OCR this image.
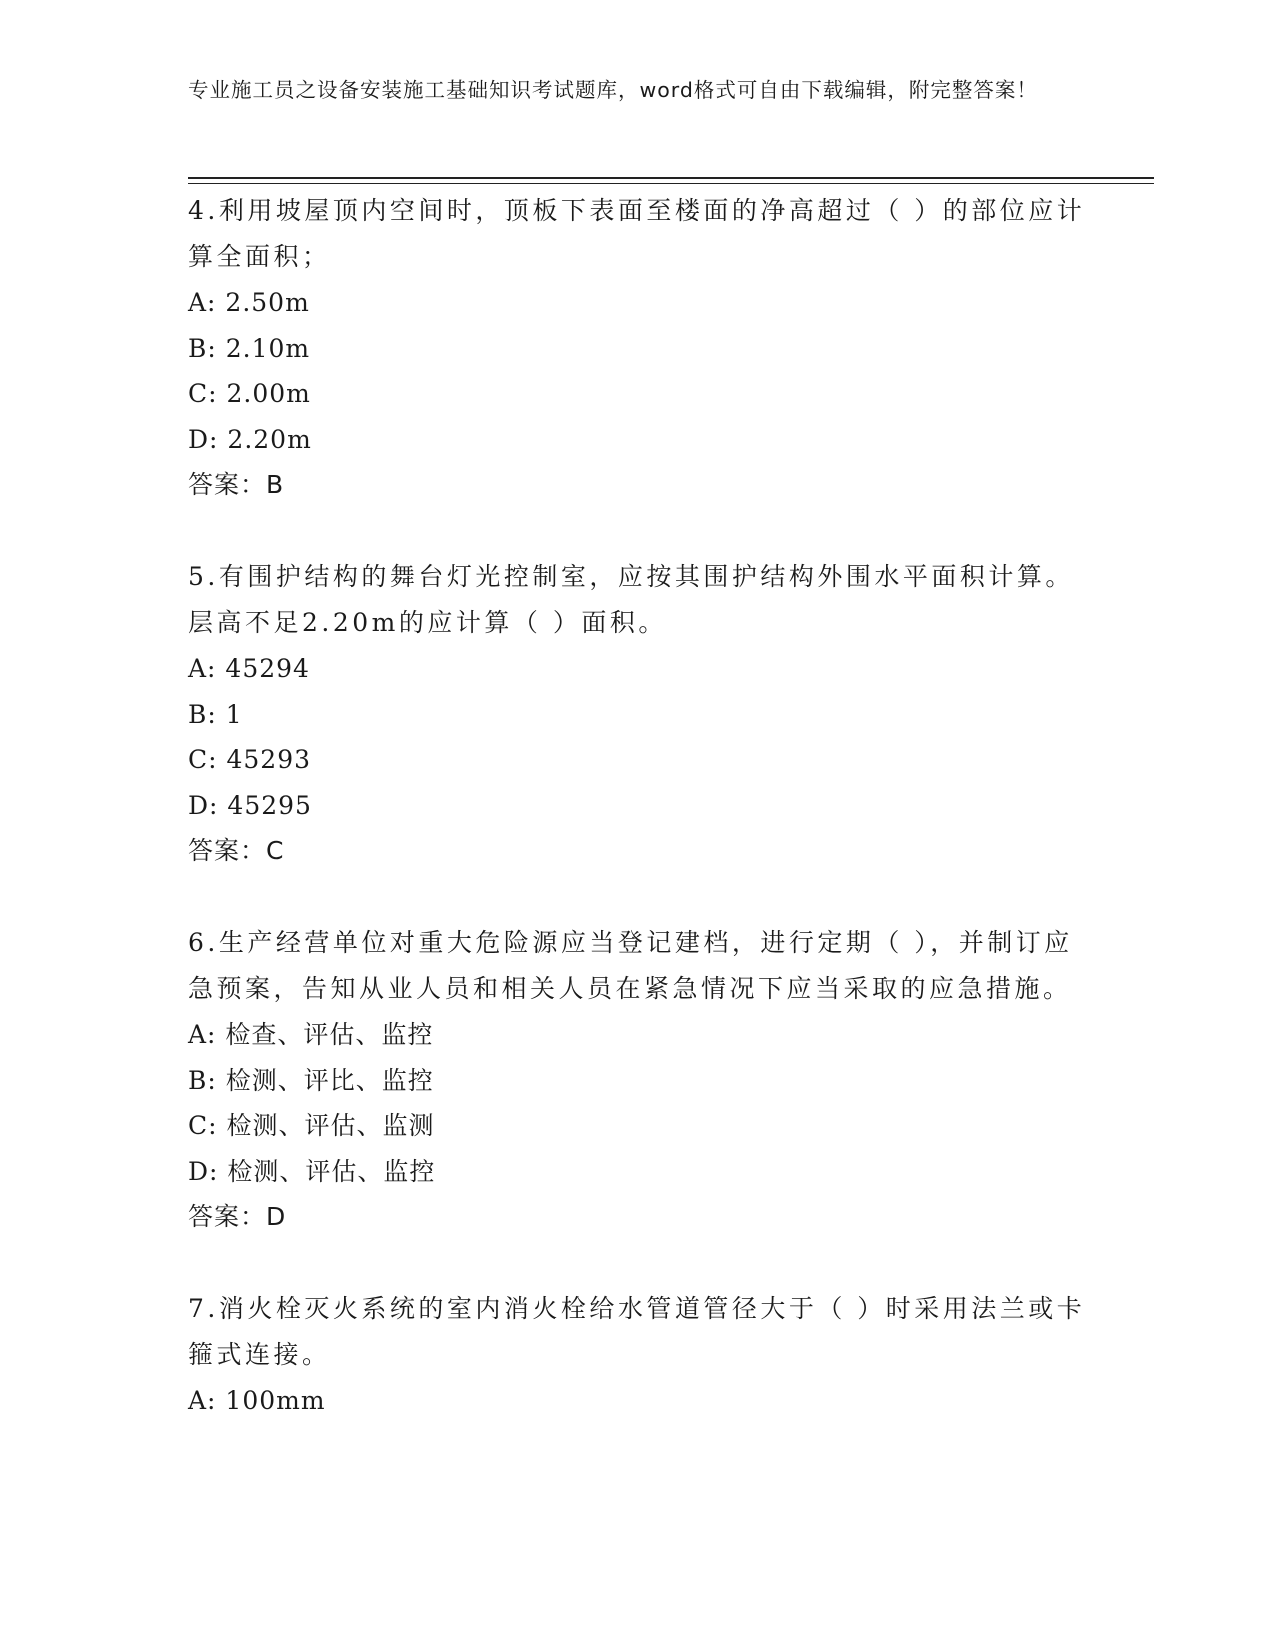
专业施工员之设备安装施工基础知识考试题库，word格式可自由下载编辑，附完整答案！

4.利用坡屋顶内空间时，顶板下表面至楼面的净高超过（ ）的部位应计算全面积；

A: 2.50m

B: 2.10m

C: 2.00m

D: 2.20m

答案：B

5.有围护结构的舞台灯光控制室，应按其围护结构外围水平面积计算。层高不足2.20m的应计算（ ）面积。

A: 45294

B: 1

C: 45293

D: 45295

答案：C

6.生产经营单位对重大危险源应当登记建档，进行定期（ ），并制订应急预案，告知从业人员和相关人员在紧急情况下应当采取的应急措施。

A: 检查、评估、监控

B: 检测、评比、监控

C: 检测、评估、监测

D: 检测、评估、监控

答案：D

7.消火栓灭火系统的室内消火栓给水管道管径大于（ ）时采用法兰或卡箍式连接。

A: 100mm
